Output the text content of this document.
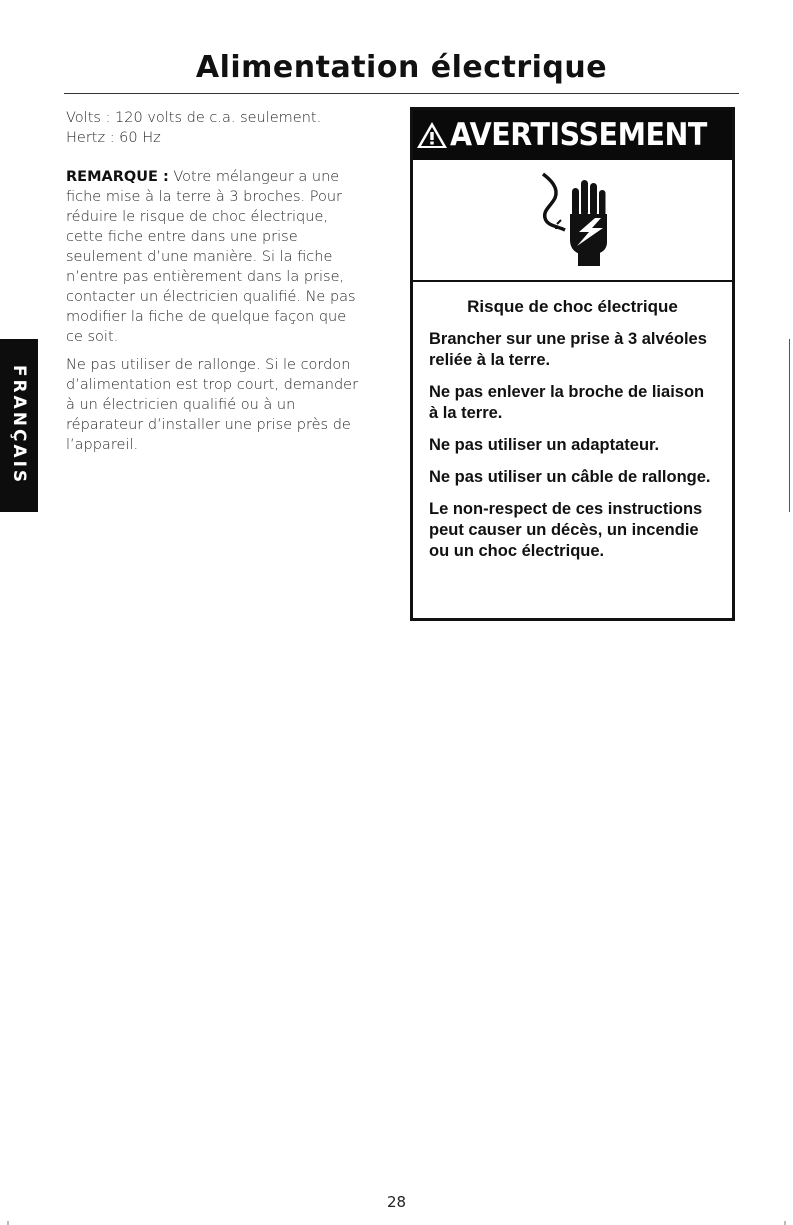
Alimentation électrique
FRANÇAIS

Volts : 120 volts de c.a. seulement.

Hertz : 60 Hz

REMARQUE : Votre mélangeur a une fiche mise à la terre à 3 broches. Pour réduire le risque de choc électrique, cette fiche entre dans une prise seulement d’une manière. Si la fiche n’entre pas entièrement dans la prise, contacter un électricien qualifié. Ne pas modifier la fiche de quelque façon que ce soit.

Ne pas utiliser de rallonge. Si le cordon d’alimentation est trop court, demander à un électricien qualifié ou à un réparateur d’installer une prise près de l’appareil.

AVERTISSEMENT

Risque de choc électrique

Brancher sur une prise à 3 alvéoles reliée à la terre.

Ne pas enlever la broche de liaison à la terre.

Ne pas utiliser un adaptateur.

Ne pas utiliser un câble de rallonge.

Le non-respect de ces instructions peut causer un décès, un incendie ou un choc électrique.

28
